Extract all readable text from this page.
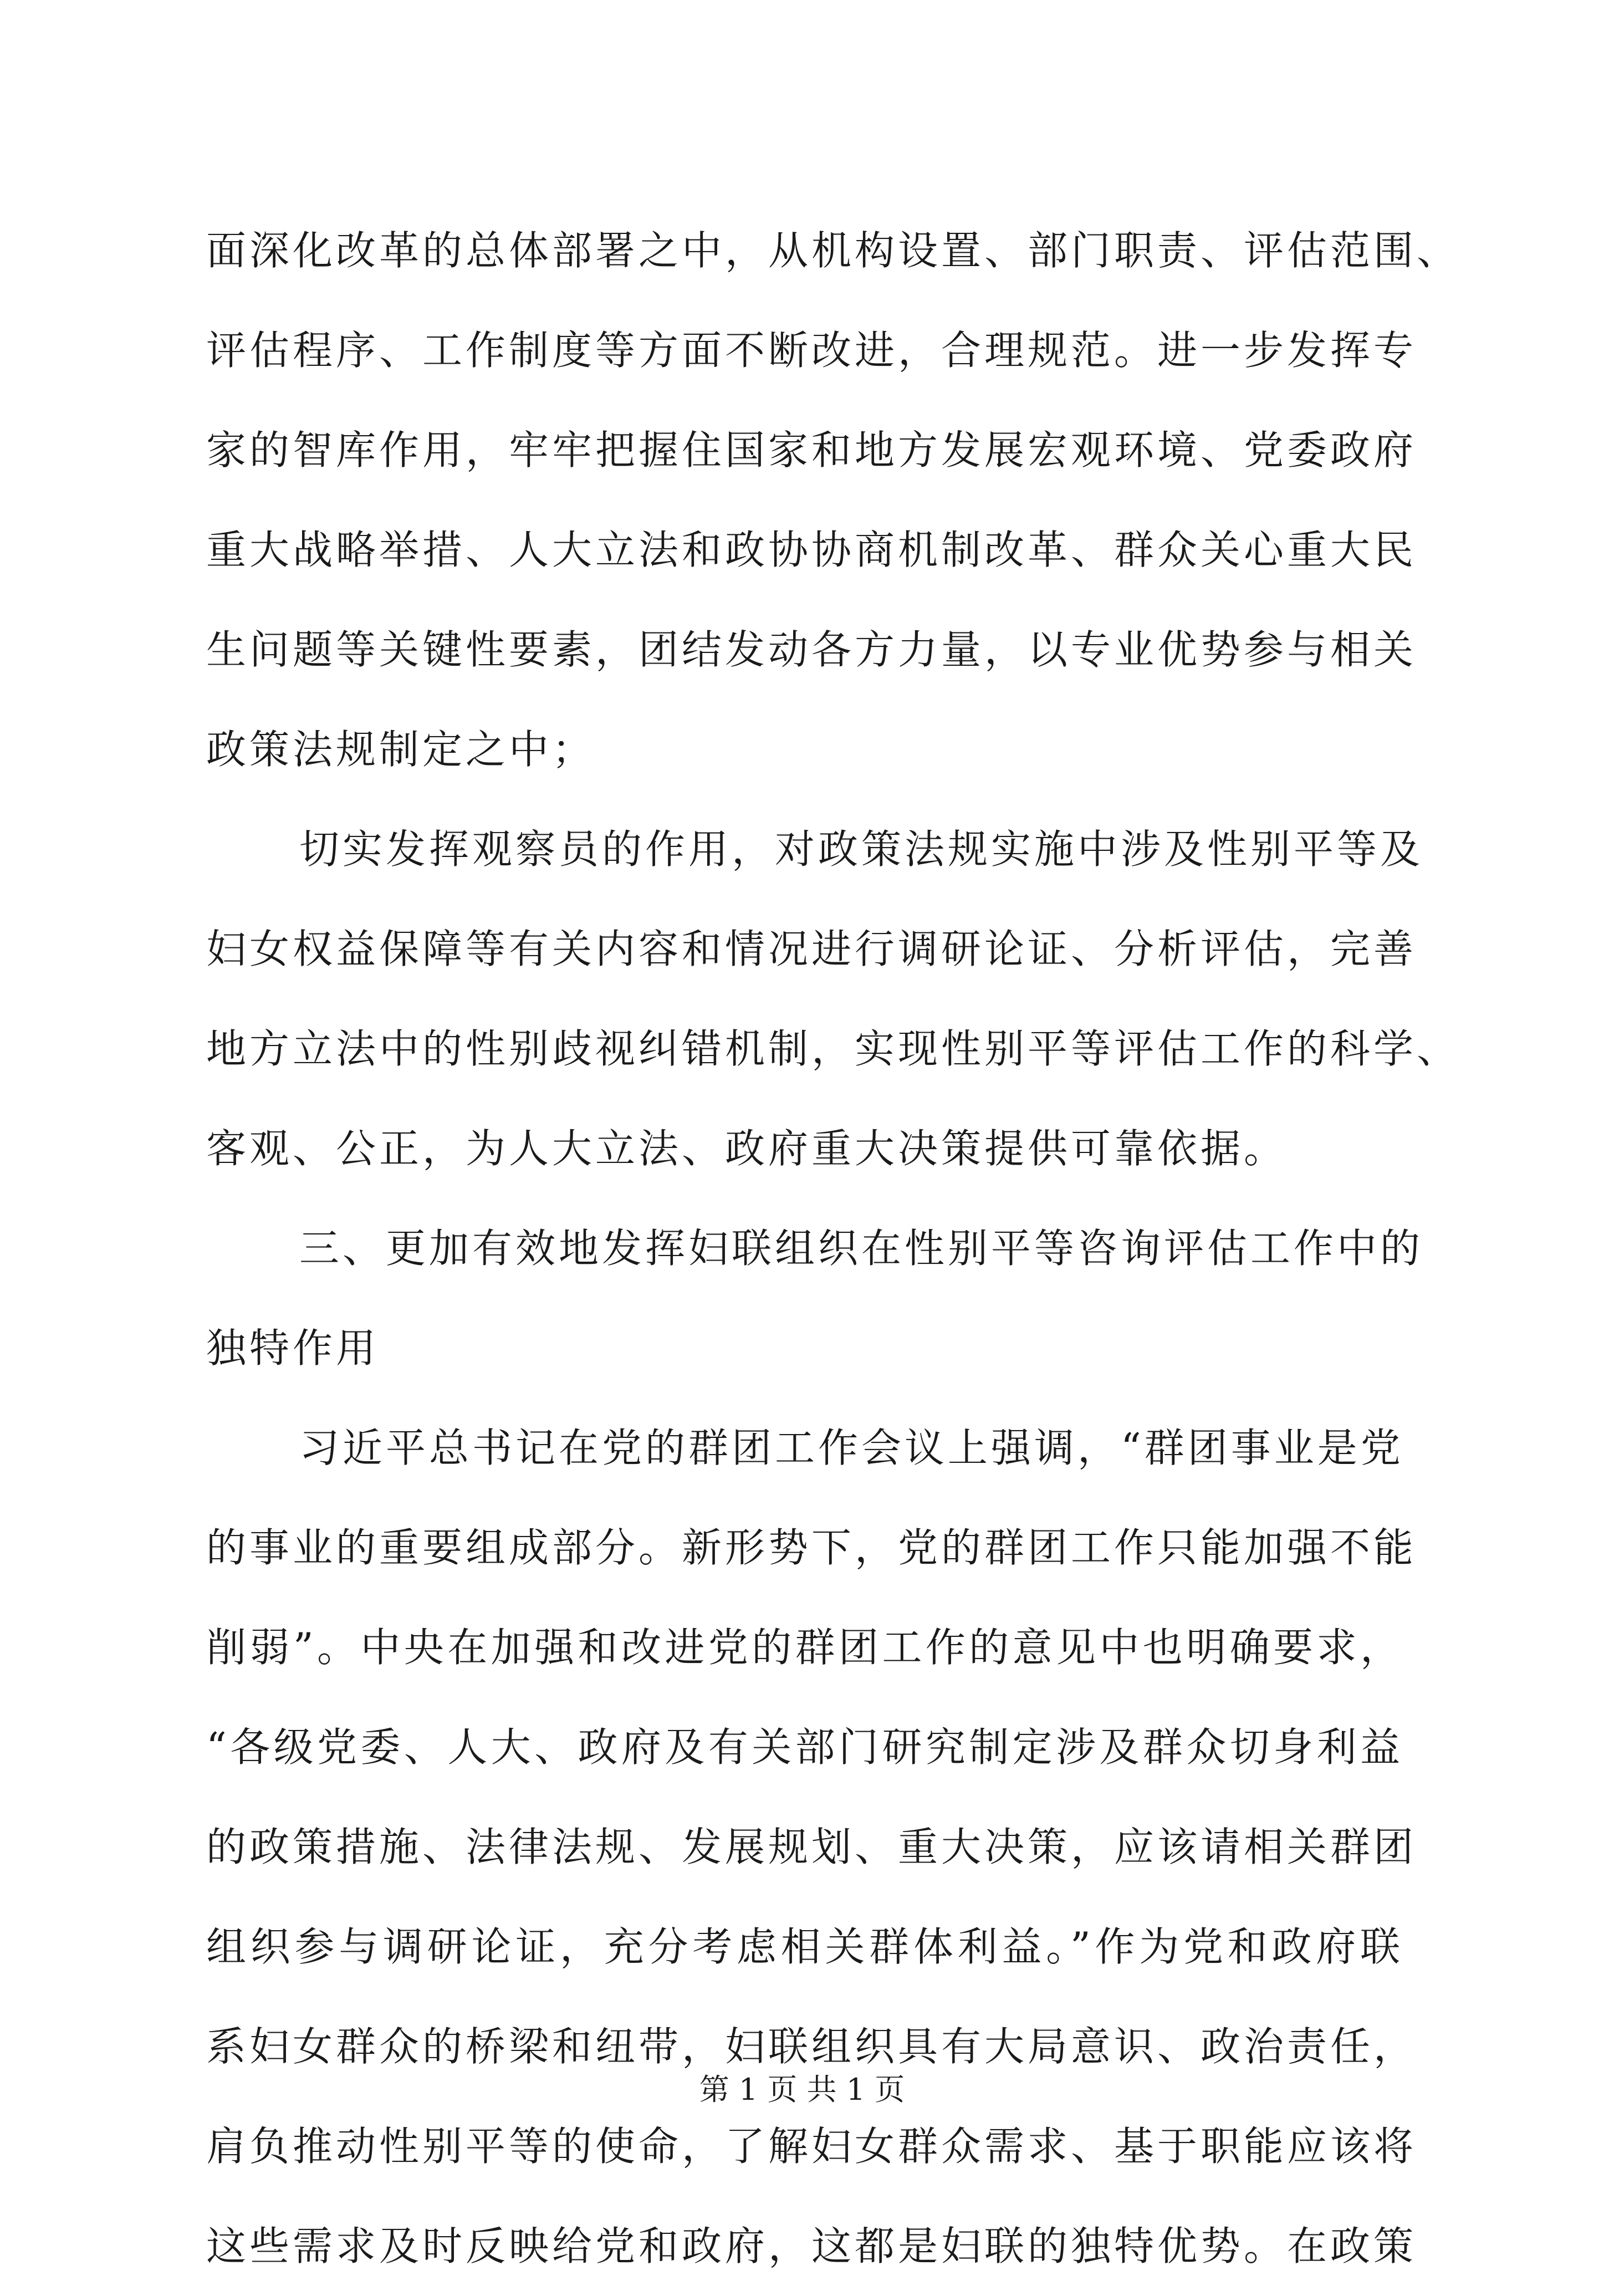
面深化改革的总体部署之中，从机构设置、部门职责、评估范围、
评估程序、工作制度等方面不断改进，合理规范。进一步发挥专
家的智库作用，牢牢把握住国家和地方发展宏观环境、党委政府
重大战略举措、人大立法和政协协商机制改革、群众关心重大民
生问题等关键性要素，团结发动各方力量，以专业优势参与相关
政策法规制定之中；
切实发挥观察员的作用，对政策法规实施中涉及性别平等及
妇女权益保障等有关内容和情况进行调研论证、分析评估，完善
地方立法中的性别歧视纠错机制，实现性别平等评估工作的科学、
客观、公正，为人大立法、政府重大决策提供可靠依据。
三、更加有效地发挥妇联组织在性别平等咨询评估工作中的
独特作用
习近平总书记在党的群团工作会议上强调，“群团事业是党
的事业的重要组成部分。新形势下，党的群团工作只能加强不能
削弱”。中央在加强和改进党的群团工作的意见中也明确要求，
“各级党委、人大、政府及有关部门研究制定涉及群众切身利益
的政策措施、法律法规、发展规划、重大决策，应该请相关群团
组织参与调研论证，充分考虑相关群体利益。”作为党和政府联
系妇女群众的桥梁和纽带，妇联组织具有大局意识、政治责任，
肩负推动性别平等的使命，了解妇女群众需求、基于职能应该将
这些需求及时反映给党和政府，这都是妇联的独特优势。在政策
第 1 页 共 1 页
